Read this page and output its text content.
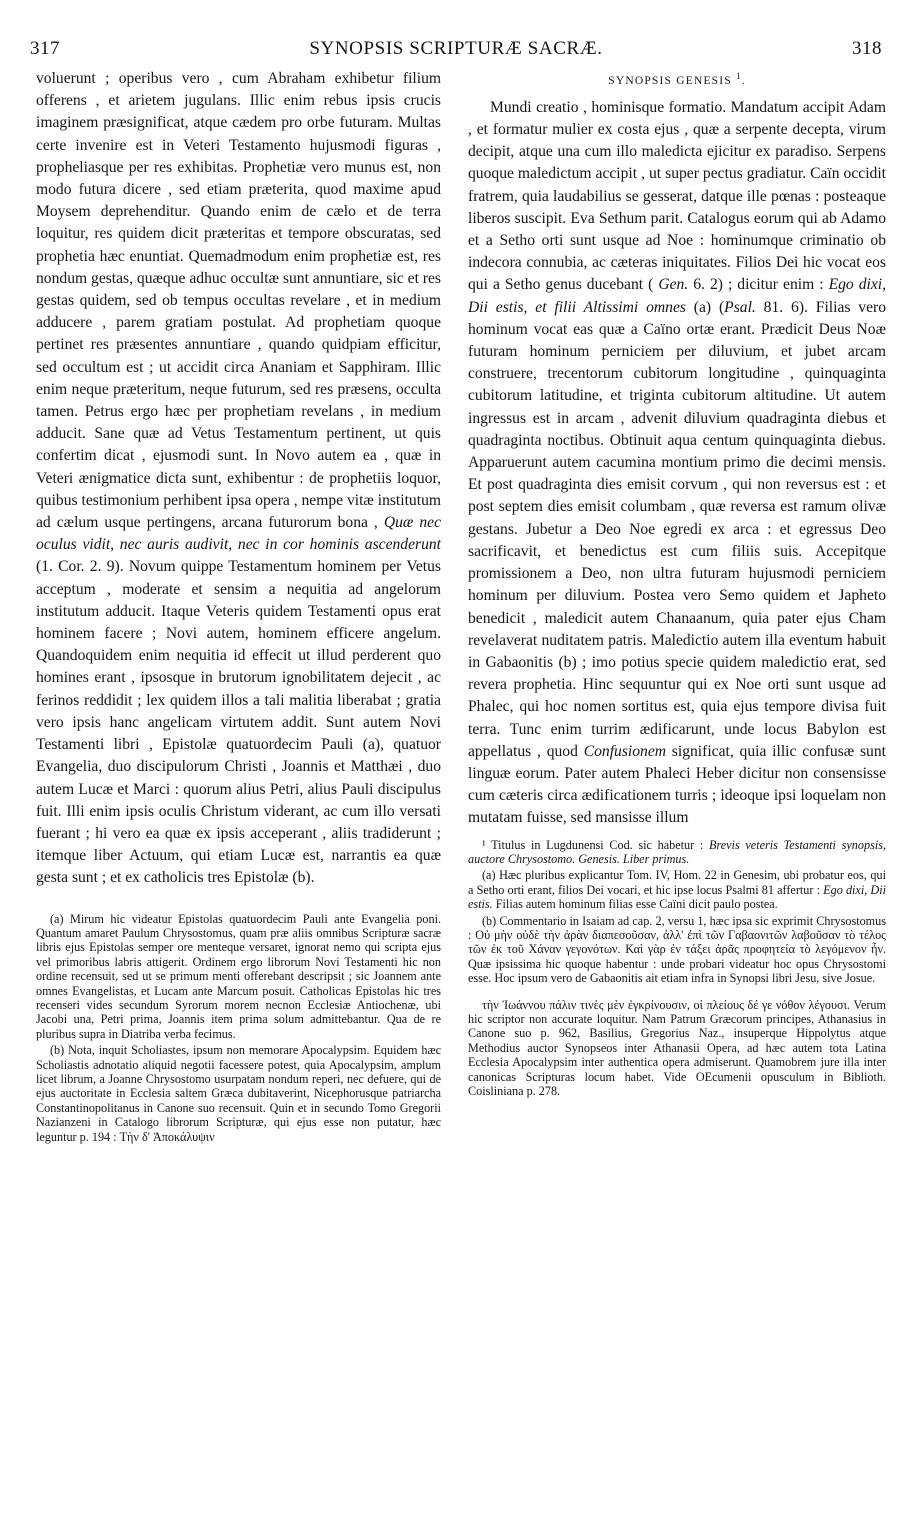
317	SYNOPSIS SCRIPTURÆ SACRÆ.	318

voluerunt ; operibus vero , cum Abraham exhibetur filium offerens , et arietem jugulans. Illic enim rebus ipsis crucis imaginem præsignificat, atque cædem pro orbe futuram. Multas certe invenire est in Veteri Testamento hujusmodi figuras , propheliasque per res exhibitas. Prophetiæ vero munus est, non modo futura dicere , sed etiam præterita, quod maxime apud Moysem deprehenditur. Quando enim de cælo et de terra loquitur, res quidem dicit præteritas et tempore obscuratas, sed prophetia hæc enuntiat. Quemadmodum enim prophetiæ est, res nondum gestas, quæque adhuc occultæ sunt annuntiare, sic et res gestas quidem, sed ob tempus occultas revelare , et in medium adducere , parem gratiam postulat. Ad prophetiam quoque pertinet res præsentes annuntiare , quando quidpiam efficitur, sed occultum est ; ut accidit circa Ananiam et Sapphiram. Illic enim neque præteritum, neque futurum, sed res præsens, occulta tamen. Petrus ergo hæc per prophetiam revelans , in medium adducit. Sane quæ ad Vetus Testamentum pertinent, ut quis confertim dicat , ejusmodi sunt. In Novo autem ea , quæ in Veteri ænigmatice dicta sunt, exhibentur : de prophetiis loquor, quibus testimonium perhibent ipsa opera , nempe vitæ institutum ad cælum usque pertingens, arcana futurorum bona , Quæ nec oculus vidit, nec auris audivit, nec in cor hominis ascenderunt (1. Cor. 2. 9). Novum quippe Testamentum hominem per Vetus acceptum , moderate et sensim a nequitia ad angelorum institutum adducit. Itaque Veteris quidem Testamenti opus erat hominem facere ; Novi autem, hominem efficere angelum. Quandoquidem enim nequitia id effecit ut illud perderent quo homines erant , ipsosque in brutorum ignobilitatem dejecit , ac ferinos reddidit ; lex quidem illos a tali malitia liberabat ; gratia vero ipsis hanc angelicam virtutem addit. Sunt autem Novi Testamenti libri , Epistolæ quatuordecim Pauli (a), quatuor Evangelia, duo discipulorum Christi , Joannis et Matthæi , duo autem Lucæ et Marci : quorum alius Petri, alius Pauli discipulus fuit. Illi enim ipsis oculis Christum viderant, ac cum illo versati fuerant ; hi vero ea quæ ex ipsis acceperant , aliis tradiderunt ; itemque liber Actuum, qui etiam Lucæ est, narrantis ea quæ gesta sunt ; et ex catholicis tres Epistolæ (b).

(a) Mirum hic videatur Epistolas quatuordecim Pauli ante Evangelia poni. Quantum amaret Paulum Chrysostomus, quam præ aliis omnibus Scripturæ sacræ libris ejus Epistolas semper ore menteque versaret, ignorat nemo qui scripta ejus vel primoribus labris attigerit. Ordinem ergo librorum Novi Testamenti hic non ordine recensuit, sed ut se primum menti offerebant descripsit ; sic Joannem ante omnes Evangelistas, et Lucam ante Marcum posuit. Catholicas Epistolas hic tres recenseri vides secundum Syrorum morem necnon Ecclesiæ Antiochenæ, ubi Jacobi una, Petri prima, Joannis item prima solum admittebantur. Qua de re pluribus supra in Diatriba verba fecimus.

(b) Nota, inquit Scholiastes, ipsum non memorare Apocalypsim. Equidem hæc Scholiastis adnotatio aliquid negotii facessere potest, quia Apocalypsim, amplum licet librum, a Joanne Chrysostomo usurpatam nondum reperi, nec defuere, qui de ejus auctoritate in Ecclesia saltem Græca dubitaverint, Nicephorusque patriarcha Constantinopolitanus in Canone suo recensuit. Quin et in secundo Tomo Gregorii Nazianzeni in Catalogo librorum Scripturæ, qui ejus esse non putatur, hæc leguntur p. 194 : Τὴν δ' Ἀποκάλυψιν

SYNOPSIS GENESIS $^1$.

Mundi creatio , hominisque formatio. Mandatum accipit Adam , et formatur mulier ex costa ejus , quæ a serpente decepta, virum decipit, atque una cum illo maledicta ejicitur ex paradiso. Serpens quoque maledictum accipit , ut super pectus gradiatur. Caïn occidit fratrem, quia laudabilius se gesserat, datque ille pœnas : posteaque liberos suscipit. Eva Sethum parit. Catalogus eorum qui ab Adamo et a Setho orti sunt usque ad Noe : hominumque criminatio ob indecora connubia, ac cæteras iniquitates. Filios Dei hic vocat eos qui a Setho genus ducebant ( Gen. 6. 2) ; dicitur enim : Ego dixi, Dii estis, et filii Altissimi omnes (a) (Psal. 81. 6). Filias vero hominum vocat eas quæ a Caïno ortæ erant. Prædicit Deus Noæ futuram hominum perniciem per diluvium, et jubet arcam construere, trecentorum cubitorum longitudine , quinquaginta cubitorum latitudine, et triginta cubitorum altitudine. Ut autem ingressus est in arcam , advenit diluvium quadraginta diebus et quadraginta noctibus. Obtinuit aqua centum quinquaginta diebus. Apparuerunt autem cacumina montium primo die decimi mensis. Et post quadraginta dies emisit corvum , qui non reversus est : et post septem dies emisit columbam , quæ reversa est ramum olivæ gestans. Jubetur a Deo Noe egredi ex arca : et egressus Deo sacrificavit, et benedictus est cum filiis suis. Accepitque promissionem a Deo, non ultra futuram hujusmodi perniciem hominum per diluvium. Postea vero Semo quidem et Japheto benedicit , maledicit autem Chanaanum, quia pater ejus Cham revelaverat nuditatem patris. Maledictio autem illa eventum habuit in Gabaonitis (b) ; imo potius specie quidem maledictio erat, sed revera prophetia. Hinc sequuntur qui ex Noe orti sunt usque ad Phalec, qui hoc nomen sortitus est, quia ejus tempore divisa fuit terra. Tunc enim turrim ædificarunt, unde locus Babylon est appellatus , quod Confusionem significat, quia illic confusæ sunt linguæ eorum. Pater autem Phaleci Heber dicitur non consensisse cum cæteris circa ædificationem turris ; ideoque ipsi loquelam non mutatam fuisse, sed mansisse illum

¹ Titulus in Lugdunensi Cod. sic habetur : Brevis veteris Testamenti synopsis, auctore Chrysostomo. Genesis. Liber primus.

(a) Hæc pluribus explicantur Tom. IV, Hom. 22 in Genesim, ubi probatur eos, qui a Setho orti erant, filios Dei vocari, et hic ipse locus Psalmi 81 affertur : Ego dixi, Dii estis. Filias autem hominum filias esse Caïni dicit paulo postea.

(b) Commentario in Isaiam ad cap. 2, versu 1, hæc ipsa sic exprimit Chrysostomus : Οὐ μὴν οὐδὲ τὴν ἀρὰν διαπεσοῦσαν, ἀλλ' ἐπὶ τῶν Γαβαονιτῶν λαβοῦσαν τὸ τέλος τῶν ἐκ τοῦ Χάναν γεγονότων. Καὶ γὰρ ἐν τάξει ἀρᾶς προφητεία τὸ λεγόμενον ἦν. Quæ ipsissima hic quoque habentur : unde probari videatur hoc opus Chrysostomi esse. Hoc ipsum vero de Gabaonitis ait etiam infra in Synopsi libri Jesu, sive Josue.

τὴν Ἰωάννου πάλιν τινὲς μὲν ἐγκρίνουσιν, οἱ πλείους δέ γε νόθον λέγουσι. Verum hic scriptor non accurate loquitur. Nam Patrum Græcorum principes, Athanasius in Canone suo p. 962, Basilius, Gregorius Naz., insuperque Hippolytus atque Methodius auctor Synopseos inter Athanasii Opera, ad hæc autem tota Latina Ecclesia Apocalypsim inter authentica opera admiserunt. Quamobrem jure illa inter canonicas Scripturas locum habet. Vide OEcumenii opusculum in Biblioth. Coisliniana p. 278.
